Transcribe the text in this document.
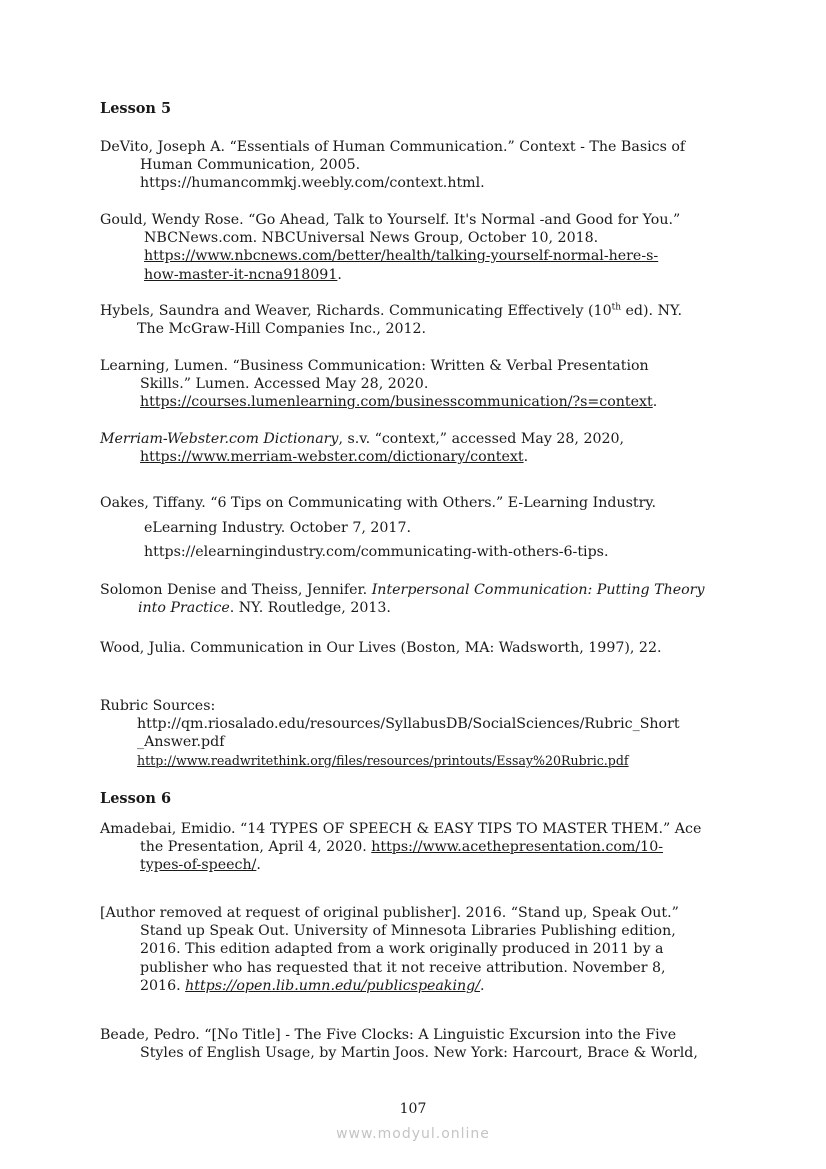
Lesson 5
DeVito, Joseph A. “Essentials of Human Communication.” Context - The Basics of
Human Communication, 2005.
https://humancommkj.weebly.com/context.html.
Gould, Wendy Rose. “Go Ahead, Talk to Yourself. It's Normal -and Good for You.”
NBCNews.com. NBCUniversal News Group, October 10, 2018.
https://www.nbcnews.com/better/health/talking-yourself-normal-here-s-
how-master-it-ncna918091.
Hybels, Saundra and Weaver, Richards. Communicating Effectively (10th ed). NY.
The McGraw-Hill Companies Inc., 2012.
Learning, Lumen. “Business Communication: Written & Verbal Presentation
Skills.” Lumen. Accessed May 28, 2020.
https://courses.lumenlearning.com/businesscommunication/?s=context.
Merriam-Webster.com Dictionary, s.v. “context,” accessed May 28, 2020,
https://www.merriam-webster.com/dictionary/context.
Oakes, Tiffany. “6 Tips on Communicating with Others.” E-Learning Industry.
eLearning Industry. October 7, 2017.
https://elearningindustry.com/communicating-with-others-6-tips.
Solomon Denise and Theiss, Jennifer. Interpersonal Communication: Putting Theory
into Practice. NY. Routledge, 2013.
Wood, Julia. Communication in Our Lives (Boston, MA: Wadsworth, 1997), 22.
Rubric Sources:
http://qm.riosalado.edu/resources/SyllabusDB/SocialSciences/Rubric_Short
_Answer.pdf
http://www.readwritethink.org/files/resources/printouts/Essay%20Rubric.pdf
Lesson 6
Amadebai, Emidio. “14 TYPES OF SPEECH & EASY TIPS TO MASTER THEM.” Ace
the Presentation, April 4, 2020. https://www.acethepresentation.com/10-
types-of-speech/.
[Author removed at request of original publisher]. 2016. “Stand up, Speak Out.”
Stand up Speak Out. University of Minnesota Libraries Publishing edition,
2016. This edition adapted from a work originally produced in 2011 by a
publisher who has requested that it not receive attribution. November 8,
2016. https://open.lib.umn.edu/publicspeaking/.
Beade, Pedro. “[No Title] - The Five Clocks: A Linguistic Excursion into the Five
Styles of English Usage, by Martin Joos. New York: Harcourt, Brace & World,
107
www.modyul.online
